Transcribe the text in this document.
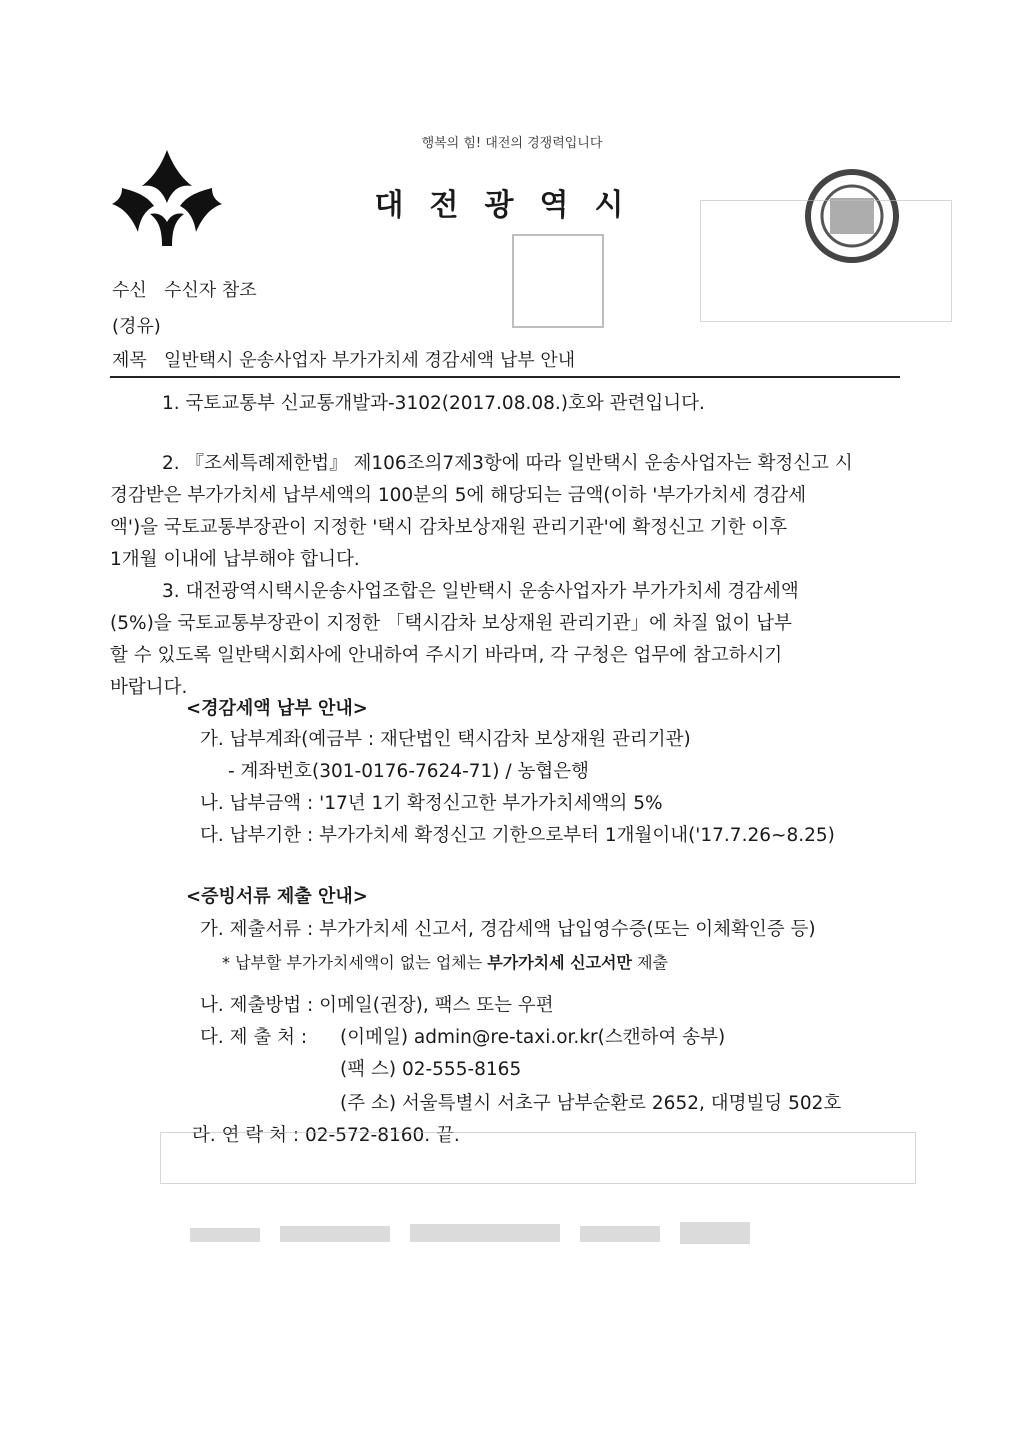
행복의 힘! 대전의 경쟁력입니다
대전광역시
수신 수신자 참조
(경유)
제목 일반택시 운송사업자 부가가치세 경감세액 납부 안내
1. 국토교통부 신교통개발과-3102(2017.08.08.)호와 관련입니다.
2. 『조세특례제한법』 제106조의7제3항에 따라 일반택시 운송사업자는 확정신고 시
경감받은 부가가치세 납부세액의 100분의 5에 해당되는 금액(이하 '부가가치세 경감세
액')을 국토교통부장관이 지정한 '택시 감차보상재원 관리기관'에 확정신고 기한 이후
1개월 이내에 납부해야 합니다.
3. 대전광역시택시운송사업조합은 일반택시 운송사업자가 부가가치세 경감세액
(5%)을 국토교통부장관이 지정한 「택시감차 보상재원 관리기관」에 차질 없이 납부
할 수 있도록 일반택시회사에 안내하여 주시기 바라며, 각 구청은 업무에 참고하시기
바랍니다.
<경감세액 납부 안내>
가. 납부계좌(예금부 : 재단법인 택시감차 보상재원 관리기관)
- 계좌번호(301-0176-7624-71) / 농협은행
나. 납부금액 : '17년 1기 확정신고한 부가가치세액의 5%
다. 납부기한 : 부가가치세 확정신고 기한으로부터 1개월이내('17.7.26~8.25)
<증빙서류 제출 안내>
가. 제출서류 : 부가가치세 신고서, 경감세액 납입영수증(또는 이체확인증 등)
* 납부할 부가가치세액이 없는 업체는 부가가치세 신고서만 제출
나. 제출방법 : 이메일(권장), 팩스 또는 우편
다. 제 출 처 : (이메일) admin@re-taxi.or.kr(스캔하여 송부)
(팩 스) 02-555-8165
(주 소) 서울특별시 서초구 남부순환로 2652, 대명빌딩 502호
라. 연 락 처 : 02-572-8160. 끝.
